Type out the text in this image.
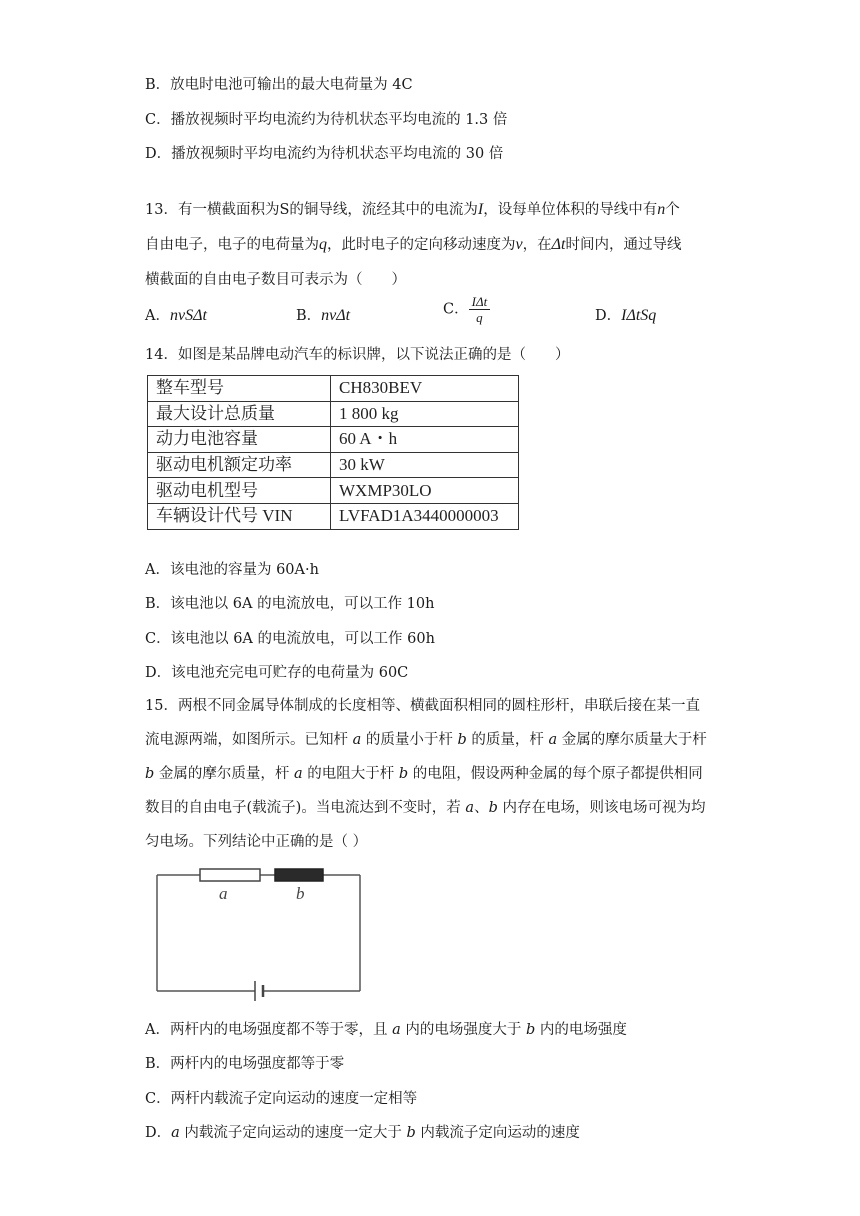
B．放电时电池可输出的最大电荷量为 4C
C．播放视频时平均电流约为待机状态平均电流的 1.3 倍
D．播放视频时平均电流约为待机状态平均电流的 30 倍
13．有一横截面积为S的铜导线，流经其中的电流为I，设每单位体积的导线中有n个
自由电子，电子的电荷量为q，此时电子的定向移动速度为v，在Δt时间内，通过导线
横截面的自由电子数目可表示为（　　）
A．nvSΔt	B．nvΔt	C． $\frac{\text{IΔt}}{q}$	D．IΔtSq
14．如图是某品牌电动汽车的标识牌，以下说法正确的是（　　）
整车型号	CH830BEV
最大设计总质量	1 800 kg
动力电池容量	60 A・h
驱动电机额定功率	30 kW
驱动电机型号	WXMP30LO
车辆设计代号 VIN	LVFAD1A3440000003
A．该电池的容量为 60A·h
B．该电池以 6A 的电流放电，可以工作 10h
C．该电池以 6A 的电流放电，可以工作 60h
D．该电池充完电可贮存的电荷量为 60C
15．两根不同金属导体制成的长度相等、横截面积相同的圆柱形杆，串联后接在某一直
流电源两端，如图所示。已知杆 a 的质量小于杆 b 的质量，杆 a 金属的摩尔质量大于杆
b 金属的摩尔质量，杆 a 的电阻大于杆 b 的电阻，假设两种金属的每个原子都提供相同
数目的自由电子(载流子)。当电流达到不变时，若 a、b 内存在电场，则该电场可视为均
匀电场。下列结论中正确的是（ ）
a	b
A．两杆内的电场强度都不等于零，且 a 内的电场强度大于 b 内的电场强度
B．两杆内的电场强度都等于零
C．两杆内载流子定向运动的速度一定相等
D．a 内载流子定向运动的速度一定大于 b 内载流子定向运动的速度
